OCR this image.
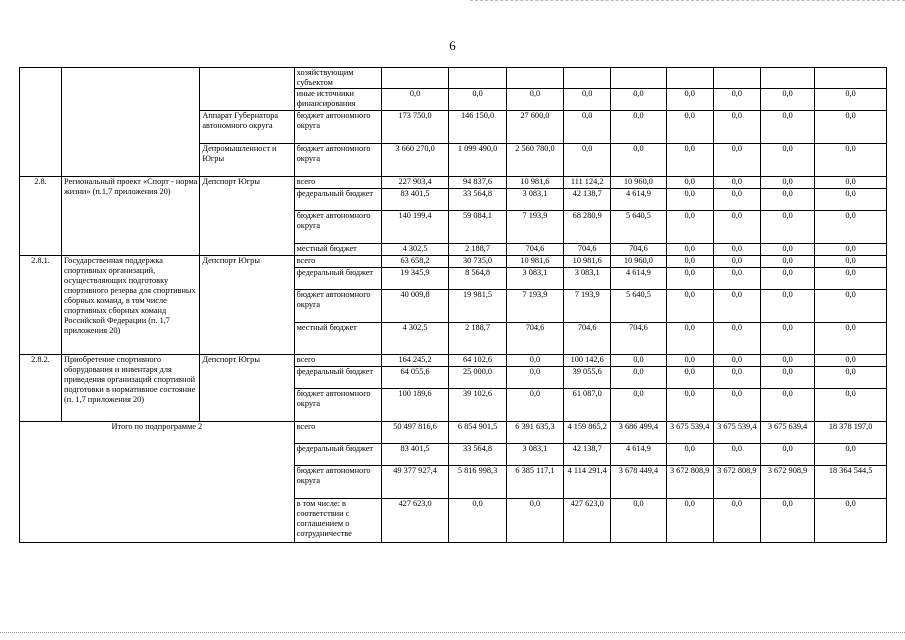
6
			хозяйствующим субъектом									
			иные источники финансирования	0,0	0,0	0,0	0,0	0,0	0,0	0,0	0,0	0,0
		Аппарат Губернатора автономного округа	бюджет автономного округа	173 750,0	146 150,0	27 600,0	0,0	0,0	0,0	0,0	0,0	0,0
		Депромышленност и Югры	бюджет автономного округа	3 660 270,0	1 099 490,0	2 560 780,0	0,0	0,0	0,0	0,0	0,0	0,0
2.8.	Региональный проект «Спорт - норма жизни» (п.1,7 приложения 20)	Депспорт Югры	всего	227 903,4	94 837,6	10 981,6	111 124,2	10 960,0	0,0	0,0	0,0	0,0
			федеральный бюджет	83 401,5	33 564,8	3 083,1	42 138,7	4 614,9	0,0	0,0	0,0	0,0
			бюджет автономного округа	140 199,4	59 084,1	7 193,9	68 280,9	5 640,5	0,0	0,0	0,0	0,0
			местный бюджет	4 302,5	2 188,7	704,6	704,6	704,6	0,0	0,0	0,0	0,0
2.8.1.	Государственная поддержка спортивных организаций, осуществляющих подготовку спортивного резерва для спортивных сборных команд, в том числе спортивных сборных команд Российской Федерации (п. 1,7 приложения 20)	Депспорт Югры	всего	63 658,2	30 735,0	10 981,6	10 981,6	10 960,0	0,0	0,0	0,0	0,0
			федеральный бюджет	19 345,9	8 564,8	3 083,1	3 083,1	4 614,9	0,0	0,0	0,0	0,0
			бюджет автономного округа	40 009,8	19 981,5	7 193,9	7 193,9	5 640,5	0,0	0,0	0,0	0,0
			местный бюджет	4 302,5	2 188,7	704,6	704,6	704,6	0,0	0,0	0,0	0,0
2.8.2.	Приобретение спортивного оборудования и инвентаря для приведения организаций спортивной подготовки в нормативное состояние (п. 1,7 приложения 20)	Депспорт Югры	всего	164 245,2	64 102,6	0,0	100 142,6	0,0	0,0	0,0	0,0	0,0
			федеральный бюджет	64 055,6	25 000,0	0,0	39 055,6	0,0	0,0	0,0	0,0	0,0
			бюджет автономного округа	100 189,6	39 102,6	0,0	61 087,0	0,0	0,0	0,0	0,0	0,0
Итого по подпрограмме 2			всего	50 497 816,6	6 854 901,5	6 391 635,3	4 159 865,2	3 686 499,4	3 675 539,4	3 675 539,4	3 675 639,4	18 378 197,0
			федеральный бюджет	83 401,5	33 564,8	3 083,1	42 138,7	4 614,9	0,0	0,0	0,0	0,0
			бюджет автономного округа	49 377 927,4	5 816 998,3	6 385 117,1	4 114 291,4	3 678 449,4	3 672 808,9	3 672 808,9	3 672 908,9	18 364 544,5
			в том числе: в соответствии с соглашением о сотрудничестве	427 623,0	0,0	0,0	427 623,0	0,0	0,0	0,0	0,0	0,0
